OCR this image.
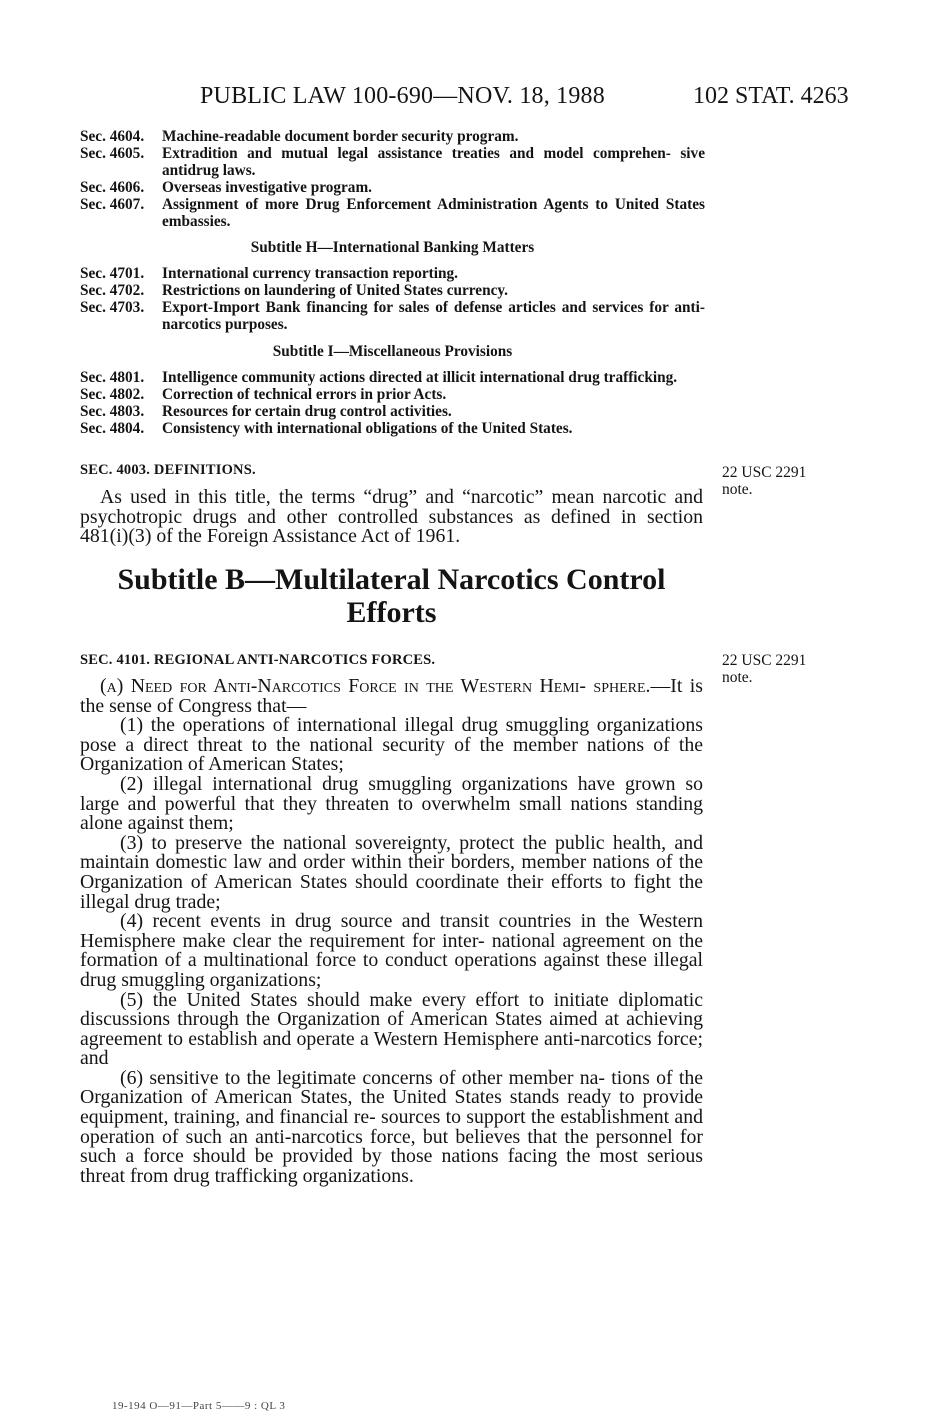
PUBLIC LAW 100-690—NOV. 18, 1988	102 STAT. 4263
Sec. 4604.	Machine-readable document border security program.
Sec. 4605.	Extradition and mutual legal assistance treaties and model comprehen- sive antidrug laws.
Sec. 4606.	Overseas investigative program.
Sec. 4607.	Assignment of more Drug Enforcement Administration Agents to United States embassies.
Subtitle H—International Banking Matters
Sec. 4701.	International currency transaction reporting.
Sec. 4702.	Restrictions on laundering of United States currency.
Sec. 4703.	Export-Import Bank financing for sales of defense articles and services for anti-narcotics purposes.
Subtitle I—Miscellaneous Provisions
Sec. 4801.	Intelligence community actions directed at illicit international drug trafficking.
Sec. 4802.	Correction of technical errors in prior Acts.
Sec. 4803.	Resources for certain drug control activities.
Sec. 4804.	Consistency with international obligations of the United States.
SEC. 4003. DEFINITIONS.	22 USC 2291
note.
As used in this title, the terms “drug” and “narcotic” mean narcotic and psychotropic drugs and other controlled substances as defined in section 481(i)(3) of the Foreign Assistance Act of 1961.
Subtitle B—Multilateral Narcotics Control
Efforts
SEC. 4101. REGIONAL ANTI-NARCOTICS FORCES.	22 USC 2291
note.

(a) Need for Anti-Narcotics Force in the Western Hemi- sphere.—It is the sense of Congress that—

(1) the operations of international illegal drug smuggling organizations pose a direct threat to the national security of the member nations of the Organization of American States;

(2) illegal international drug smuggling organizations have grown so large and powerful that they threaten to overwhelm small nations standing alone against them;

(3) to preserve the national sovereignty, protect the public health, and maintain domestic law and order within their borders, member nations of the Organization of American States should coordinate their efforts to fight the illegal drug trade;

(4) recent events in drug source and transit countries in the Western Hemisphere make clear the requirement for inter- national agreement on the formation of a multinational force to conduct operations against these illegal drug smuggling organizations;

(5) the United States should make every effort to initiate diplomatic discussions through the Organization of American States aimed at achieving agreement to establish and operate a Western Hemisphere anti-narcotics force; and

(6) sensitive to the legitimate concerns of other member na- tions of the Organization of American States, the United States stands ready to provide equipment, training, and financial re- sources to support the establishment and operation of such an anti-narcotics force, but believes that the personnel for such a force should be provided by those nations facing the most serious threat from drug trafficking organizations.

19-194 O—91—Part 5——9 : QL 3
